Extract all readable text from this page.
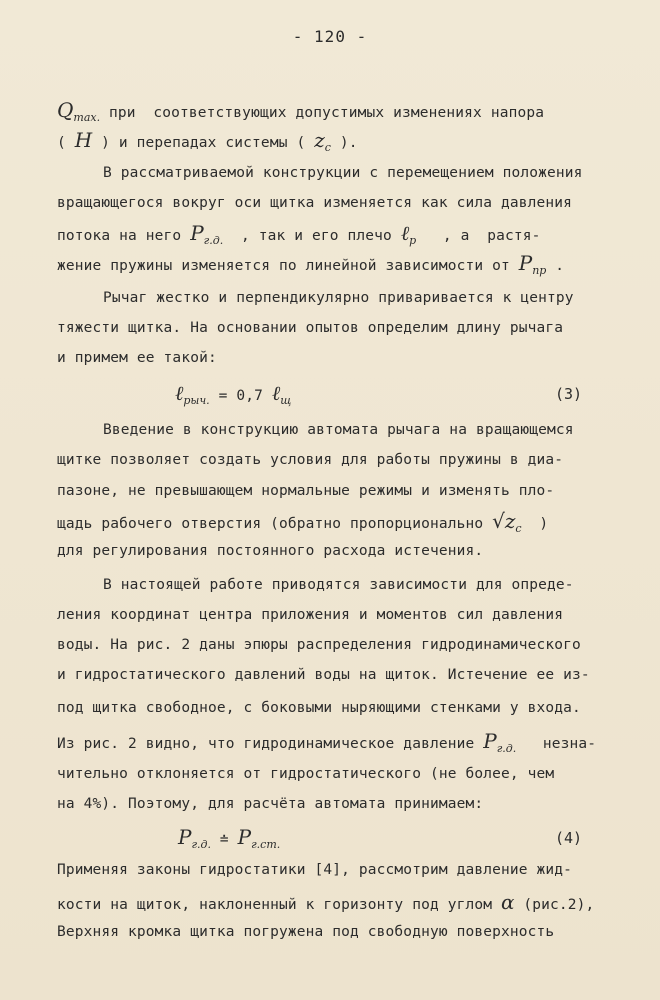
- 120 -
$Q_{max.}$ при  соответствующих допустимых изменениях напора
( H ) и перепадах системы ( $z_c$ ).
В рассматриваемой конструкции с перемещением положения
вращающегося вокруг оси щитка изменяется как сила давления
потока на него $P_{г.д.}$  , так и его плечо ℓ$_р$   , а  растя-
жение пружины изменяется по линейной зависимости от $P_{пр}$ .
Рычаг жестко и перпендикулярно приваривается к центру
тяжести щитка. На основании опытов определим длину рычага
и примем ее такой:
ℓ$_{рыч.}$ = 0,7 ℓ$_щ$	(3)
Введение в конструкцию автомата рычага на вращающемся
щитке позволяет создать условия для работы пружины в диа-
пазоне, не превышающем нормальные режимы и изменять пло-
щадь рабочего отверстия (обратно пропорционально $√z_c$  )
для регулирования постоянного расхода истечения.
В настоящей работе приводятся зависимости для опреде-
ления координат центра приложения и моментов сил давления
воды. На рис. 2 даны эпюры распределения гидродинамического
и гидростатического давлений воды на щиток. Истечение ее из-
под щитка свободное, с боковыми ныряющими стенками у входа.
Из рис. 2 видно, что гидродинамическое давление $P_{г.д.}$   незна-
чительно отклоняется от гидростатического (не более, чем
на 4%). Поэтому, для расчёта автомата принимаем:
$P_{г.д.}$ ≐ $P_{г.ст.}$	(4)
Применяя законы гидростатики [4], рассмотрим давление жид-
кости на щиток, наклоненный к горизонту под углом α (рис.2),
Верхняя кромка щитка погружена под свободную поверхность
